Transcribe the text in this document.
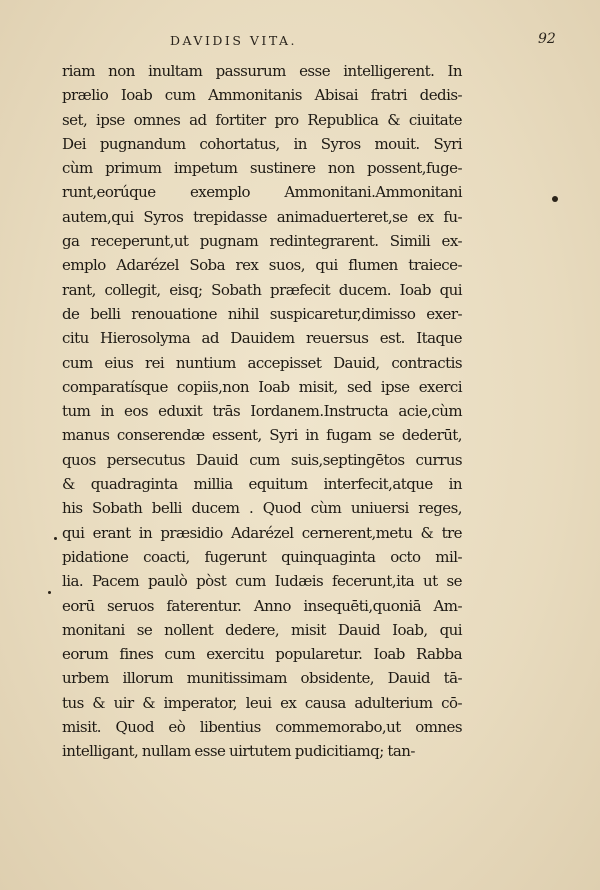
DAVIDIS VITA.	92
riam non inultam passurum esse intelligerent. In
prælio Ioab cum Ammonitanis Abisai fratri dedis-
set, ipse omnes ad fortiter pro Republica & ciuitate
Dei pugnandum cohortatus, in Syros mouit. Syri
cùm primum impetum sustinere non possent,fuge-
runt,eorúque exemplo Ammonitani.Ammonitani
autem,qui Syros trepidasse animaduerteret,se ex fu-
ga receperunt,ut pugnam redintegrarent. Simili ex-
emplo Adarézel Soba rex suos, qui flumen traiece-
rant, collegit, eisq; Sobath præfecit ducem. Ioab qui
de belli renouatione nihil suspicaretur,dimisso exer-
citu Hierosolyma ad Dauidem reuersus est. Itaque
cum eius rei nuntium accepisset Dauid, contractis
comparatísque copiis,non Ioab misit, sed ipse exerci
tum in eos eduxit trās Iordanem.Instructa acie,cùm
manus conserendæ essent, Syri in fugam se dederūt,
quos persecutus Dauid cum suis,septingētos currus
& quadraginta millia equitum interfecit,atque in
his Sobath belli ducem . Quod cùm uniuersi reges,
qui erant in præsidio Adarézel cernerent,metu & tre
pidatione coacti, fugerunt quinquaginta octo mil-
lia. Pacem paulò pòst cum Iudæis fecerunt,ita ut se
eorū seruos faterentur. Anno insequēti,quoniā Am-
monitani se nollent dedere, misit Dauid Ioab, qui
eorum fines cum exercitu popularetur. Ioab Rabba
urbem illorum munitissimam obsidente, Dauid tā-
tus & uir & imperator, leui ex causa adulterium cō-
misit. Quod eò libentius commemorabo,ut omnes
intelligant, nullam esse uirtutem pudicitiamq; tan-
